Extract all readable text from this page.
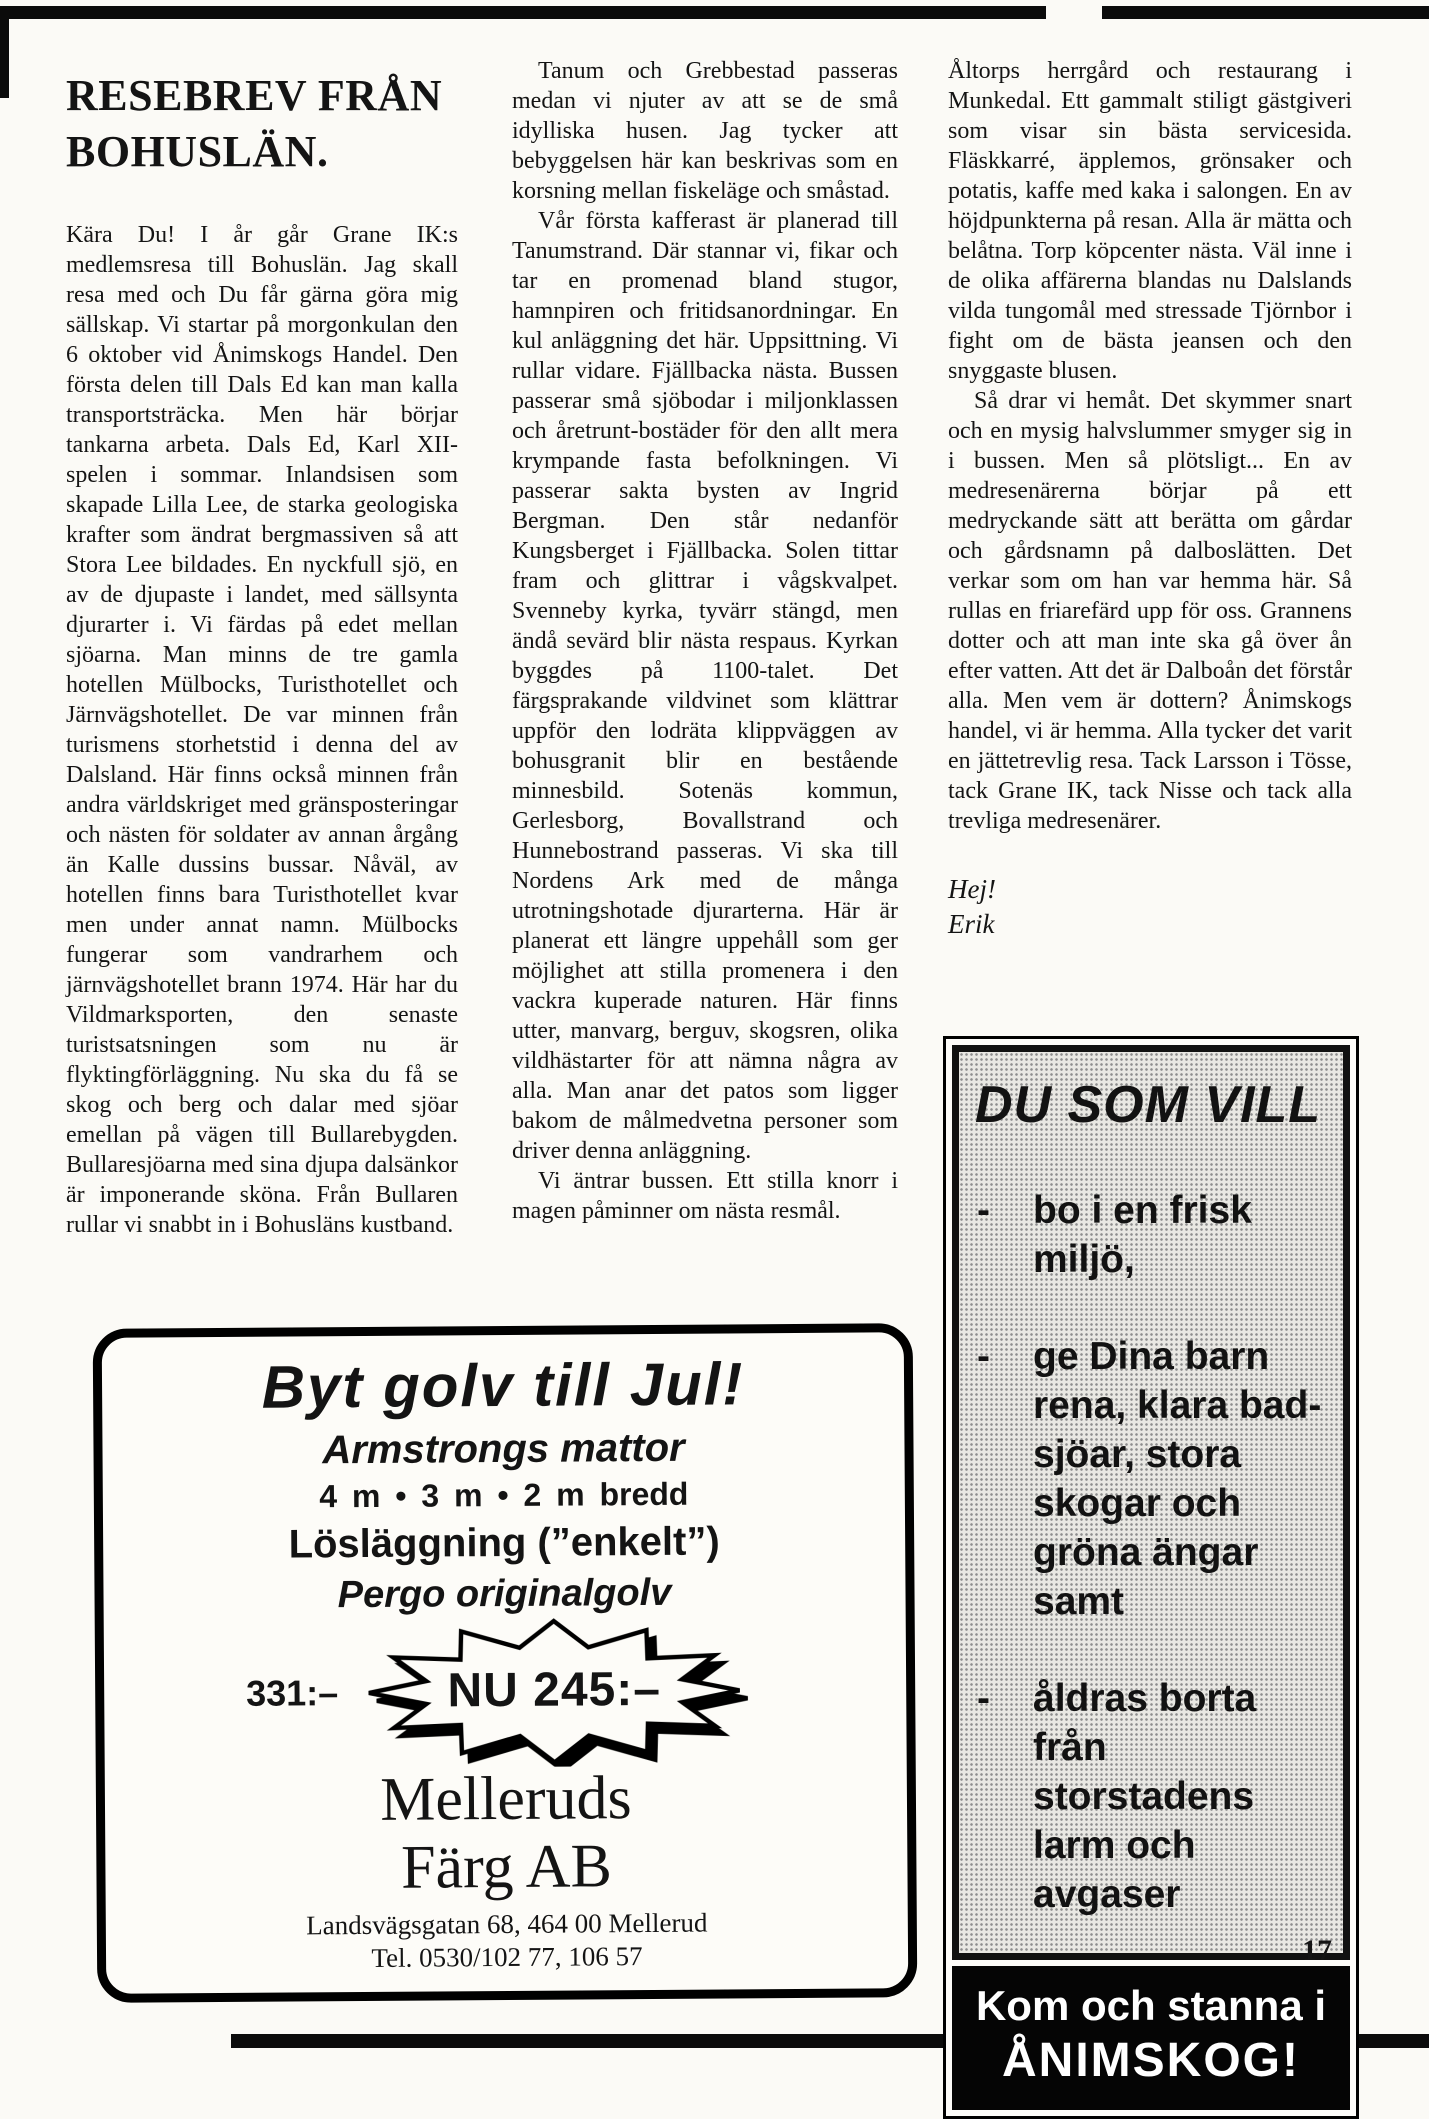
RESEBREV FRÅN
BOHUSLÄN.

Kära Du! I år går Grane IK:s medlemsresa till Bohuslän. Jag skall resa med och Du får gärna göra mig sällskap. Vi startar på morgonkulan den 6 oktober vid Ånimskogs Handel. Den första delen till Dals Ed kan man kalla transportsträcka. Men här börjar tankarna arbeta. Dals Ed, Karl XII-spelen i sommar. Inlandsisen som skapade Lilla Lee, de starka geologiska krafter som ändrat bergmassiven så att Stora Lee bildades. En nyckfull sjö, en av de djupaste i landet, med sällsynta djurarter i. Vi färdas på edet mellan sjöarna. Man minns de tre gamla hotellen Mülbocks, Turisthotellet och Järnvägshotellet. De var minnen från turismens storhetstid i denna del av Dalsland. Här finns också minnen från andra världskriget med gränsposteringar och nästen för soldater av annan årgång än Kalle dussins bussar. Nåväl, av hotellen finns bara Turisthotellet kvar men under annat namn. Mülbocks fungerar som vandrarhem och järnvägshotellet brann 1974. Här har du Vildmarksporten, den senaste turistsatsningen som nu är flyktingförläggning. Nu ska du få se skog och berg och dalar med sjöar emellan på vägen till Bullarebygden. Bullaresjöarna med sina djupa dalsänkor är imponerande sköna. Från Bullaren rullar vi snabbt in i Bohusläns kustband.

Tanum och Grebbestad passeras medan vi njuter av att se de små idylliska husen. Jag tycker att bebyggelsen här kan beskrivas som en korsning mellan fiskeläge och småstad.

Vår första kafferast är planerad till Tanumstrand. Där stannar vi, fikar och tar en promenad bland stugor, hamnpiren och fritidsanordningar. En kul anläggning det här. Uppsittning. Vi rullar vidare. Fjällbacka nästa. Bussen passerar små sjöbodar i miljonklassen och åretrunt-bostäder för den allt mera krympande fasta befolkningen. Vi passerar sakta bysten av Ingrid Bergman. Den står nedanför Kungsberget i Fjällbacka. Solen tittar fram och glittrar i vågskvalpet. Svenneby kyrka, tyvärr stängd, men ändå sevärd blir nästa respaus. Kyrkan byggdes på 1100-talet. Det färgsprakande vildvinet som klättrar uppför den lodräta klippväggen av bohusgranit blir en bestående minnesbild. Sotenäs kommun, Gerlesborg, Bovallstrand och Hunnebostrand passeras. Vi ska till Nordens Ark med de många utrotningshotade djurarterna. Här är planerat ett längre uppehåll som ger möjlighet att stilla promenera i den vackra kuperade naturen. Här finns utter, manvarg, berguv, skogsren, olika vildhästarter för att nämna några av alla. Man anar det patos som ligger bakom de målmedvetna personer som driver denna anläggning.

Vi äntrar bussen. Ett stilla knorr i magen påminner om nästa resmål.

Åltorps herrgård och restaurang i Munkedal. Ett gammalt stiligt gästgiveri som visar sin bästa servicesida. Fläskkarré, äpplemos, grönsaker och potatis, kaffe med kaka i salongen. En av höjdpunkterna på resan. Alla är mätta och belåtna. Torp köpcenter nästa. Väl inne i de olika affärerna blandas nu Dalslands vilda tungomål med stressade Tjörnbor i fight om de bästa jeansen och den snyggaste blusen.

Så drar vi hemåt. Det skymmer snart och en mysig halvslummer smyger sig in i bussen. Men så plötsligt... En av medresenärerna börjar på ett medryckande sätt att berätta om gårdar och gårdsnamn på dalboslätten. Det verkar som om han var hemma här. Så rullas en friarefärd upp för oss. Grannens dotter och att man inte ska gå över ån efter vatten. Att det är Dalboån det förstår alla. Men vem är dottern? Ånimskogs handel, vi är hemma. Alla tycker det varit en jättetrevlig resa. Tack Larsson i Tösse, tack Grane IK, tack Nisse och tack alla trevliga medresenärer.

Hej!
Erik
DU SOM VILL
-	bo i en frisk miljö,
-	ge Dina barn rena, klara badsjöar, stora skogar och gröna ängar samt
-	åldras borta från storstadens larm och avgaser
Kom och stanna i
ÅNIMSKOG!
Byt golv till Jul!
Armstrongs mattor
4 m • 3 m • 2 m bredd
Lösläggning (”enkelt”)
Pergo originalgolv
331:–	NU 245:–
Melleruds
Färg AB
Landsvägsgatan 68, 464 00 Mellerud
Tel. 0530/102 77, 106 57	17
